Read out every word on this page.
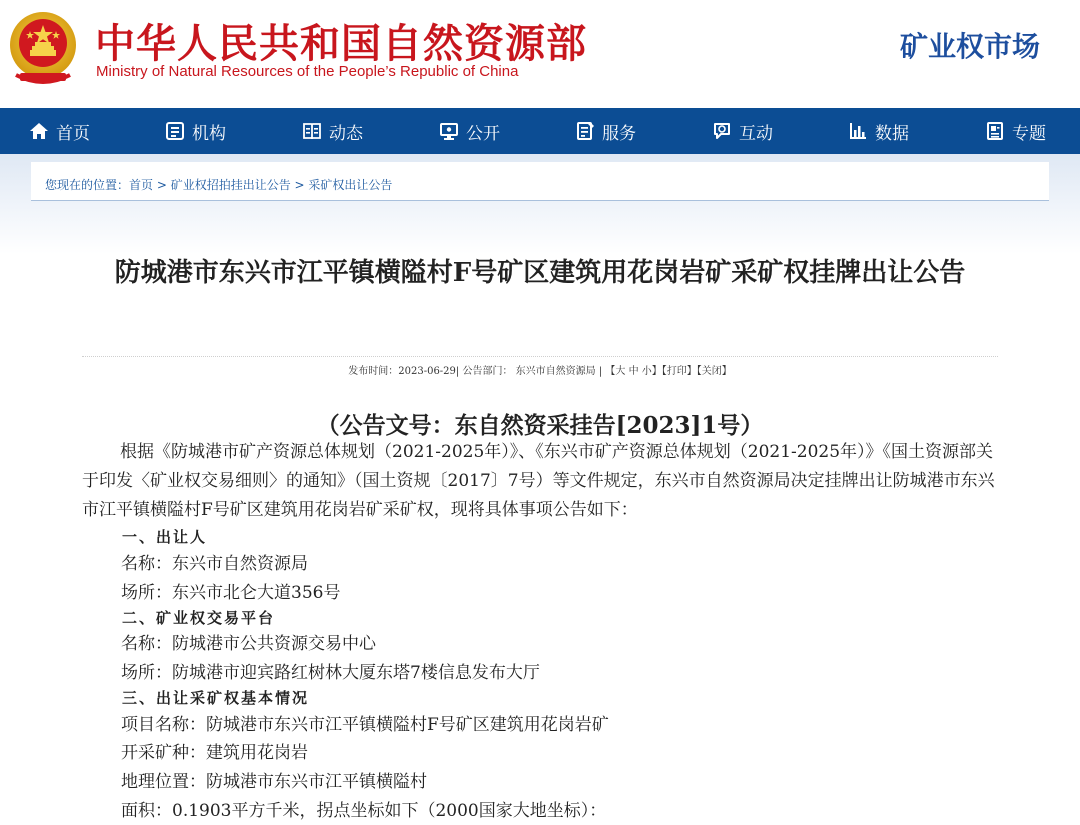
中华人民共和国自然资源部
Ministry of Natural Resources of the People’s Republic of China
矿业权市场
首页	机构	动态	公开	服务	互动	数据	专题
您现在的位置：首页 > 矿业权招拍挂出让公告 > 采矿权出让公告
防城港市东兴市江平镇横隘村F号矿区建筑用花岗岩矿采矿权挂牌出让公告
发布时间：2023-06-29| 公告部门： 东兴市自然资源局 | 【大 中 小】【打印】【关闭】
（公告文号：东自然资采挂告[2023]1号）
根据《防城港市矿产资源总体规划（2021-2025年）》、《东兴市矿产资源总体规划（2021-2025年）》《国土资源部关于印发〈矿业权交易细则〉的通知》（国土资规〔2017〕7号）等文件规定，东兴市自然资源局决定挂牌出让防城港市东兴市江平镇横隘村F号矿区建筑用花岗岩矿采矿权，现将具体事项公告如下：
一、出让人
名称：东兴市自然资源局
场所：东兴市北仑大道356号
二、矿业权交易平台
名称：防城港市公共资源交易中心
场所：防城港市迎宾路红树林大厦东塔7楼信息发布大厅
三、出让采矿权基本情况
项目名称：防城港市东兴市江平镇横隘村F号矿区建筑用花岗岩矿
开采矿种：建筑用花岗岩
地理位置：防城港市东兴市江平镇横隘村
面积：0.1903平方千米，拐点坐标如下（2000国家大地坐标）：
